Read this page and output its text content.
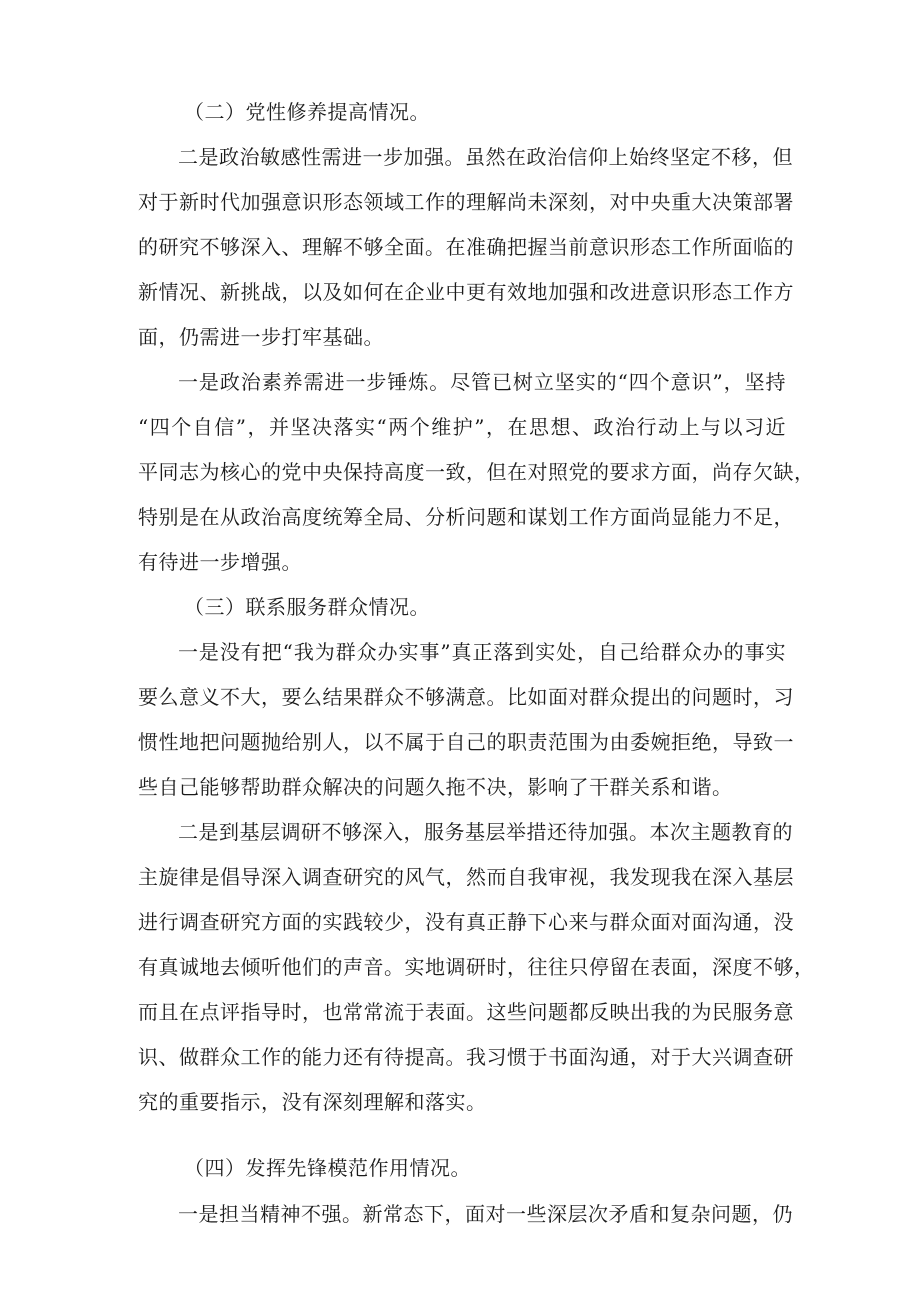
（二）党性修养提高情况。
二是政治敏感性需进一步加强。虽然在政治信仰上始终坚定不移，但
对于新时代加强意识形态领域工作的理解尚未深刻，对中央重大决策部署
的研究不够深入、理解不够全面。在准确把握当前意识形态工作所面临的
新情况、新挑战，以及如何在企业中更有效地加强和改进意识形态工作方
面，仍需进一步打牢基础。
一是政治素养需进一步锤炼。尽管已树立坚实的“四个意识”，坚持
“四个自信”，并坚决落实“两个维护”，在思想、政治行动上与以习近
平同志为核心的党中央保持高度一致，但在对照党的要求方面，尚存欠缺，
特别是在从政治高度统筹全局、分析问题和谋划工作方面尚显能力不足，
有待进一步增强。
（三）联系服务群众情况。
一是没有把“我为群众办实事”真正落到实处，自己给群众办的事实
要么意义不大，要么结果群众不够满意。比如面对群众提出的问题时，习
惯性地把问题抛给别人，以不属于自己的职责范围为由委婉拒绝，导致一
些自己能够帮助群众解决的问题久拖不决，影响了干群关系和谐。
二是到基层调研不够深入，服务基层举措还待加强。本次主题教育的
主旋律是倡导深入调查研究的风气，然而自我审视，我发现我在深入基层
进行调查研究方面的实践较少，没有真正静下心来与群众面对面沟通，没
有真诚地去倾听他们的声音。实地调研时，往往只停留在表面，深度不够，
而且在点评指导时，也常常流于表面。这些问题都反映出我的为民服务意
识、做群众工作的能力还有待提高。我习惯于书面沟通，对于大兴调查研
究的重要指示，没有深刻理解和落实。
（四）发挥先锋模范作用情况。
一是担当精神不强。新常态下，面对一些深层次矛盾和复杂问题，仍
